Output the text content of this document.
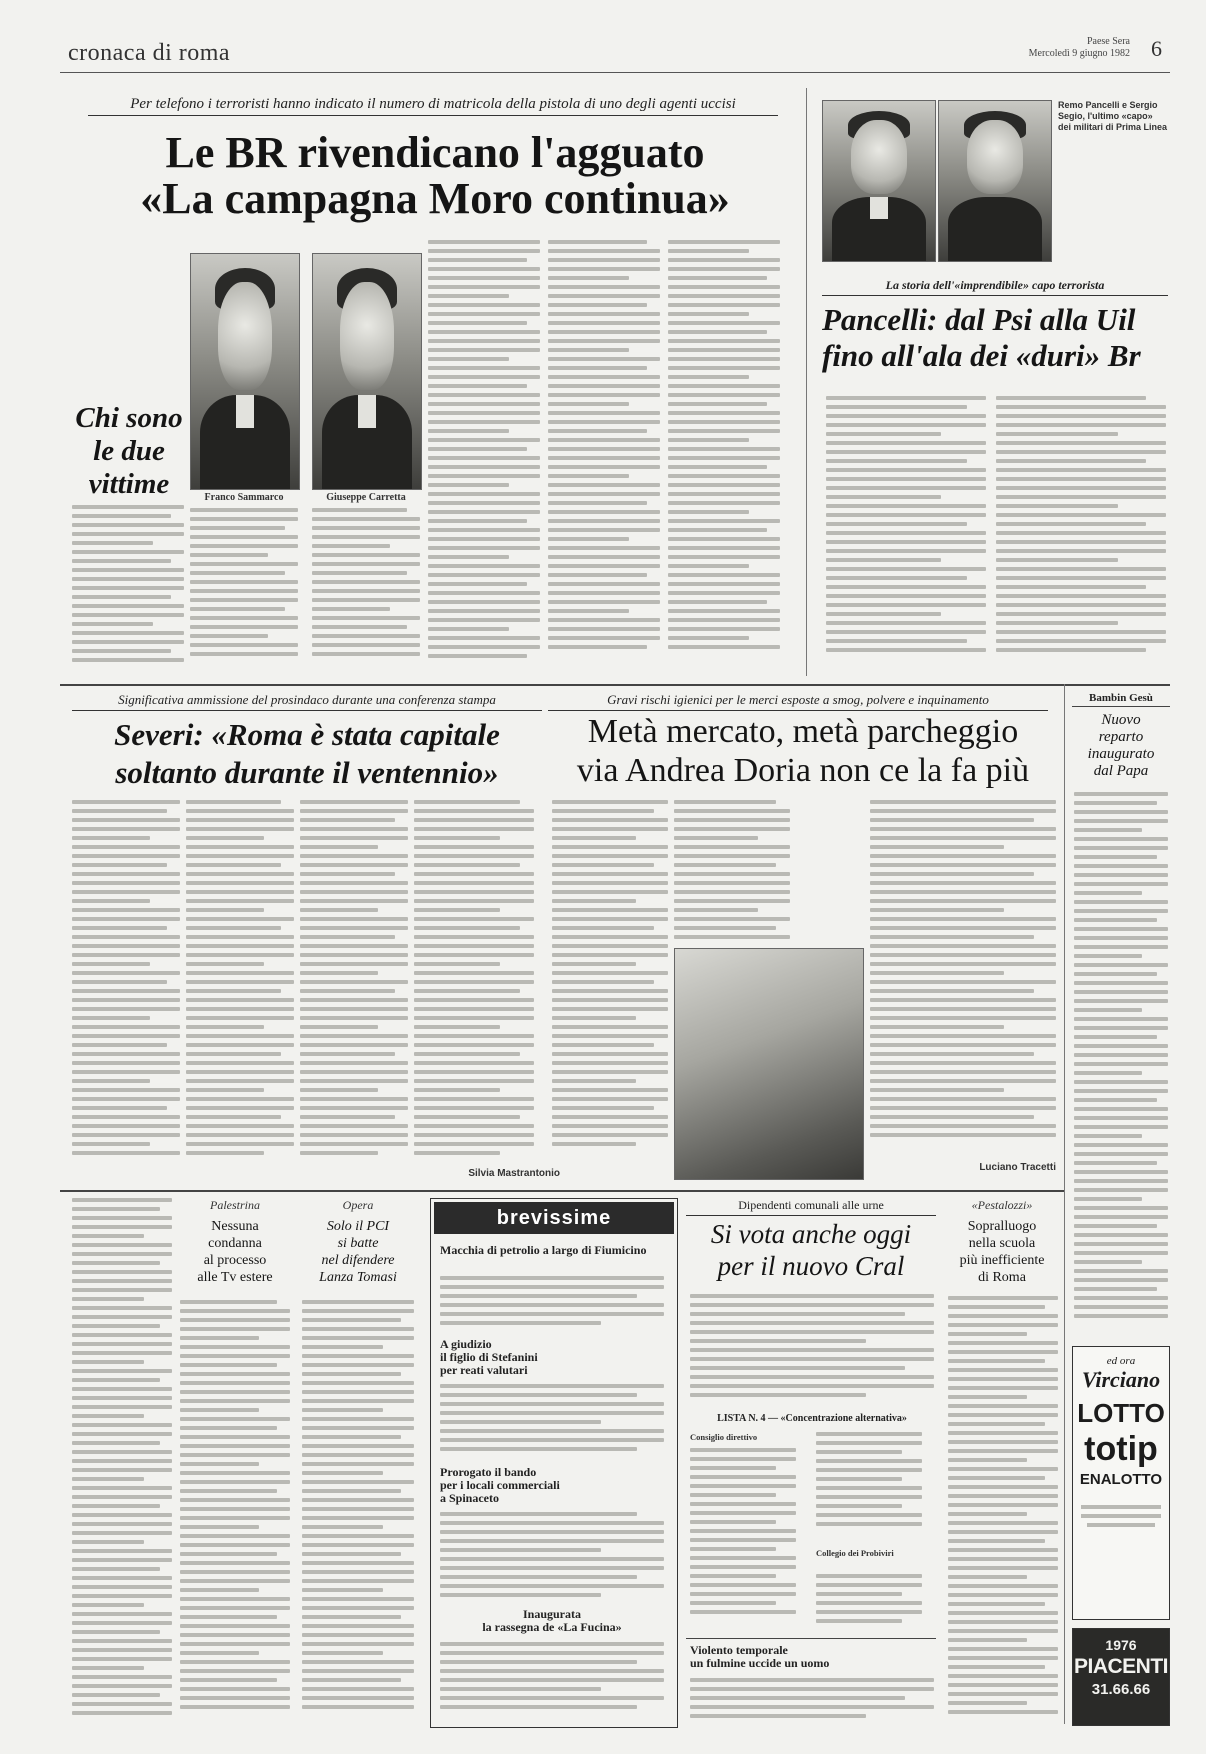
cronaca di roma	Paese Sera
Mercoledì 9 giugno 1982 6
Per telefono i terroristi hanno indicato il numero di matricola della pistola di uno degli agenti uccisi
Le BR rivendicano l'agguato
«La campagna Moro continua»
Chi sono
le due
vittime	Franco Sammarco	Giuseppe Carretta
Remo Pancelli e Sergio Segio, l'ultimo «capo» dei militari di Prima Linea
La storia dell'«imprendibile» capo terrorista
Pancelli: dal Psi alla Uil
fino all'ala dei «duri» Br
Significativa ammissione del prosindaco durante una conferenza stampa
Severi: «Roma è stata capitale
soltanto durante il ventennio»
Gravi rischi igienici per le merci esposte a smog, polvere e inquinamento
Metà mercato, metà parcheggio
via Andrea Doria non ce la fa più
Silvia Mastrantonio
Luciano Tracetti
Bambin Gesù
Nuovo
reparto
inaugurato
dal Papa
Palestrina
Nessuna
condanna
al processo
alle Tv estere
Opera
Solo il PCI
si batte
nel difendere
Lanza Tomasi
brevissime
Macchia di petrolio a largo di Fiumicino
A giudizio
il figlio di Stefanini
per reati valutari
Prorogato il bando
per i locali commerciali
a Spinaceto
Inaugurata
la rassegna de «La Fucina»
Dipendenti comunali alle urne
Si vota anche oggi
per il nuovo Cral
LISTA N. 4 — «Concentrazione alternativa»
Consiglio direttivo
Collegio dei Probiviri
Violento temporale
un fulmine uccide un uomo
«Pestalozzi»
Sopralluogo
nella scuola
più inefficiente
di Roma
ed ora
Virciano
LOTTO
totip
ENALOTTO
1976
PIACENTI
31.66.66
